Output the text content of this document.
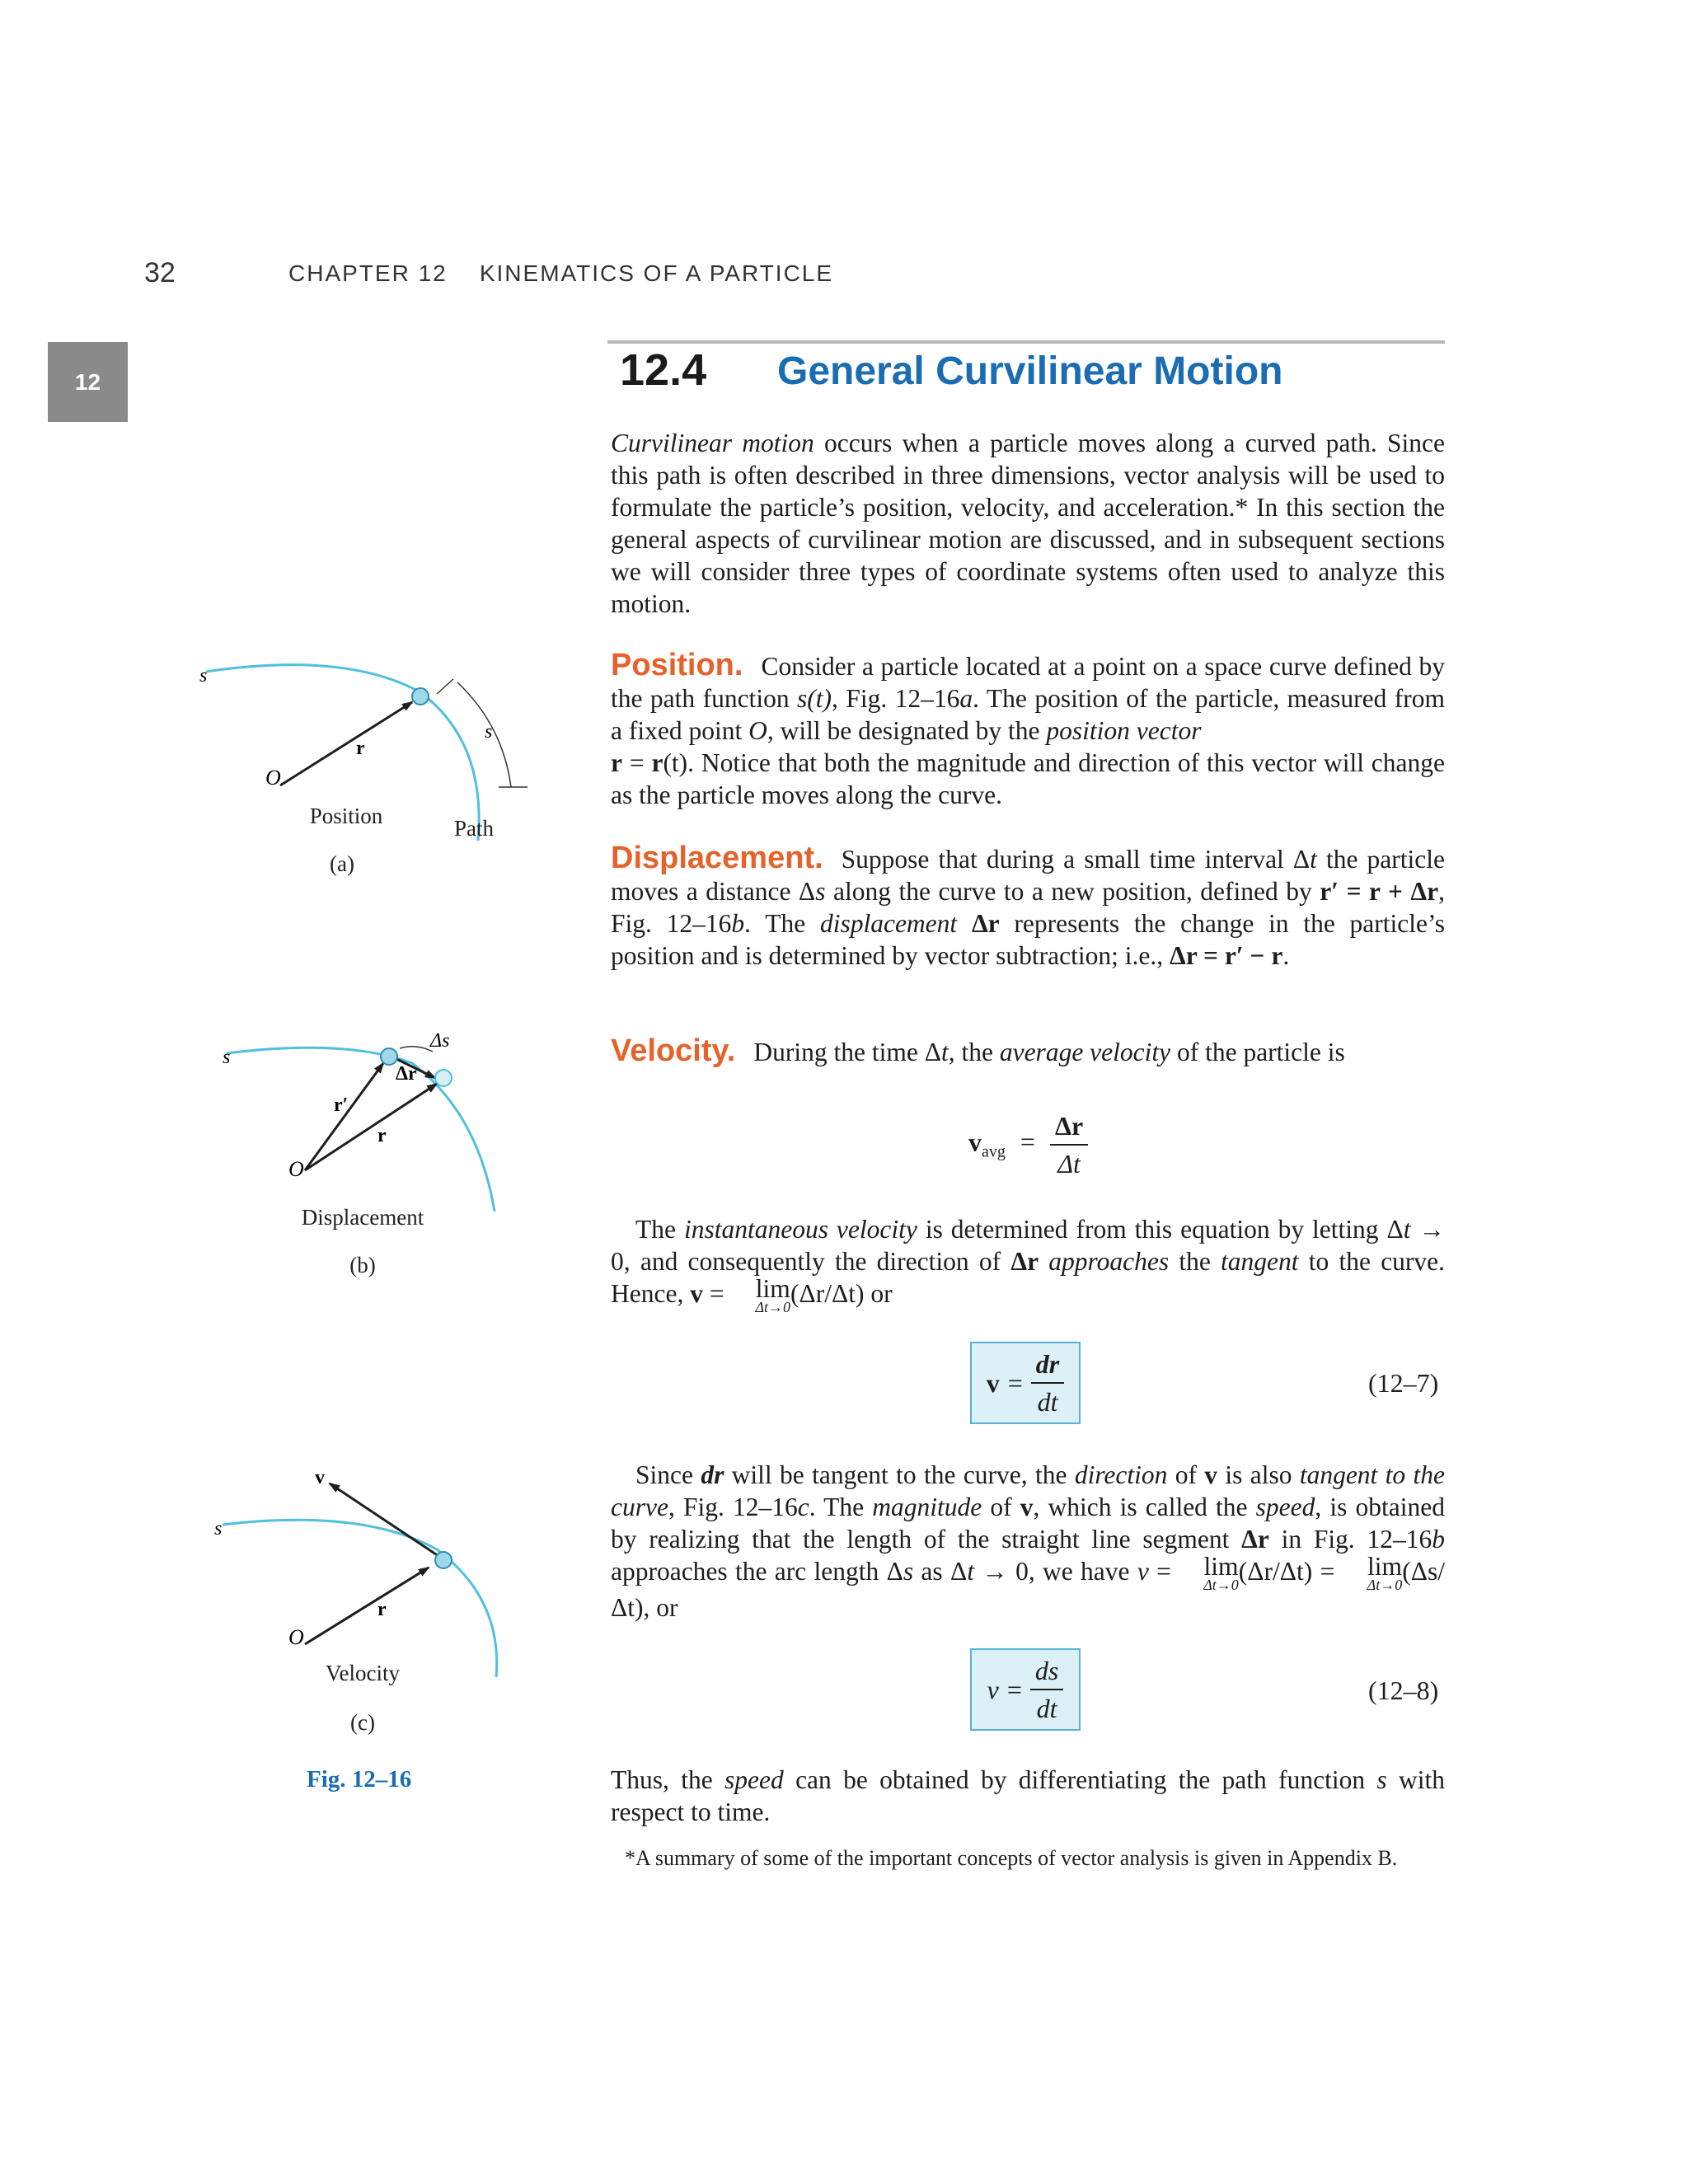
32	CHAPTER 12 KINEMATICS OF A PARTICLE
12	12.4 General Curvilinear Motion

Curvilinear motion occurs when a particle moves along a curved path. Since this path is often described in three dimensions, vector analysis will be used to formulate the particle’s position, velocity, and acceleration.* In this section the general aspects of curvilinear motion are discussed, and in subsequent sections we will consider three types of coordinate systems often used to analyze this motion.

Position. Consider a particle located at a point on a space curve defined by the path function s(t), Fig. 12–16a. The position of the particle, measured from a fixed point O, will be designated by the position vector
r = r(t). Notice that both the magnitude and direction of this vector will change as the particle moves along the curve.

Displacement. Suppose that during a small time interval Δt the particle moves a distance Δs along the curve to a new position, defined by r′ = r + Δr, Fig. 12–16b. The displacement Δr represents the change in the particle’s position and is determined by vector subtraction; i.e., Δr = r′ − r.

Velocity. During the time Δt, the average velocity of the particle is

$v_{avg} = \frac{\Delta r}{\Delta t}$

The instantaneous velocity is determined from this equation by letting Δt → 0, and consequently the direction of Δr approaches the tangent to the curve. Hence, v = lim
Δt→0 (Δr/Δt) or

$v = \frac{dr}{dt}$	(12–7)

Since dr will be tangent to the curve, the direction of v is also tangent to the curve, Fig. 12–16c. The magnitude of v, which is called the speed, is obtained by realizing that the length of the straight line segment Δr in Fig. 12–16b approaches the arc length Δs as Δt → 0, we have v = lim
Δt→0 (Δr/Δt) = lim
Δt→0 (Δs/Δt), or

$v = \frac{ds}{dt}$	(12–8)

Thus, the speed can be obtained by differentiating the path function s with respect to time.

*A summary of some of the important concepts of vector analysis is given in Appendix B.
s
O
r
s
Position	Path
(a)
s
O
r′
r
Δr
Δs
Displacement
(b)
s
O
r
v
Velocity
(c)
Fig. 12–16
